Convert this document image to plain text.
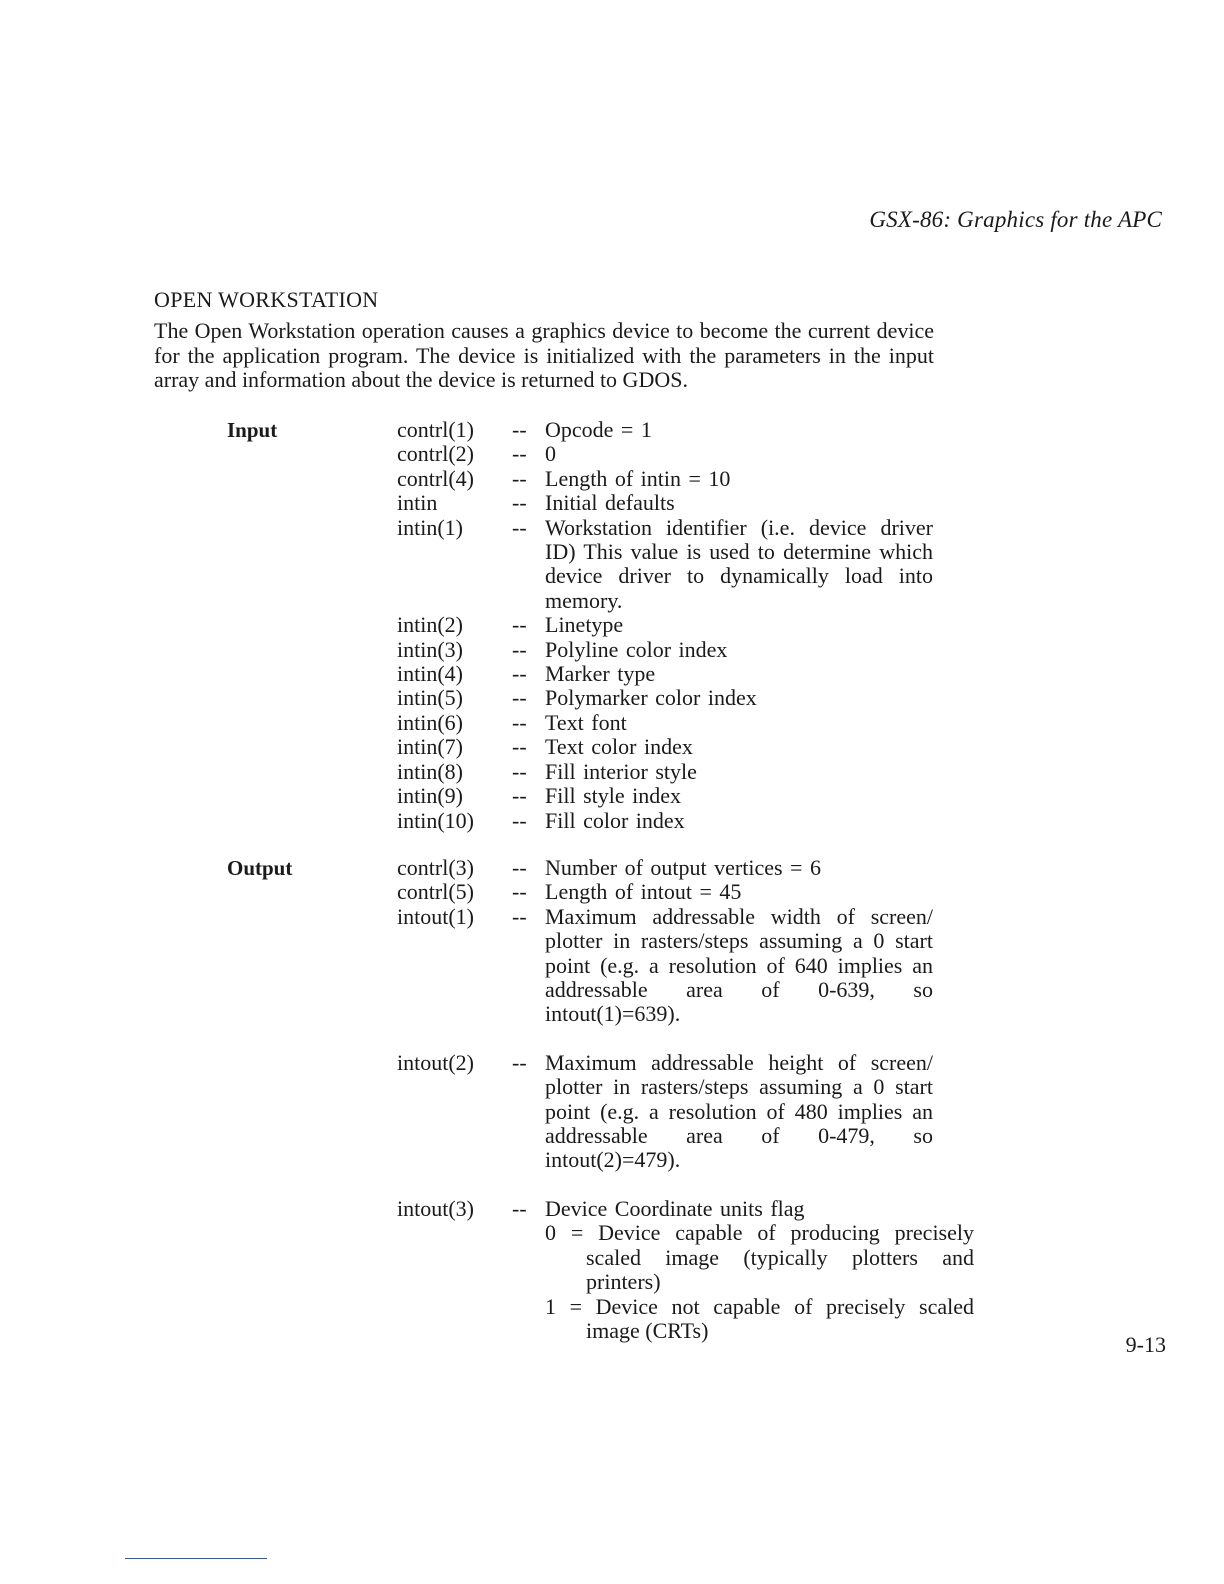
GSX-86: Graphics for the APC
OPEN WORKSTATION

The Open Workstation operation causes a graphics device to become the current device for the application program. The device is initialized with the parameters in the input array and information about the device is returned to GDOS.

Input	contrl(1) -- Opcode = 1
contrl(2) -- 0
contrl(4) -- Length of intin = 10
intin	-- Initial defaults
intin(1) -- Workstation identifier (i.e. device driver ID) This value is used to determine which device driver to dynamically load into memory.
intin(2) -- Linetype
intin(3) -- Polyline color index
intin(4) -- Marker type
intin(5) -- Polymarker color index
intin(6) -- Text font
intin(7) -- Text color index
intin(8) -- Fill interior style
intin(9) -- Fill style index
intin(10) -- Fill color index
Output	contrl(3) -- Number of output vertices = 6
contrl(5) -- Length of intout = 45
intout(1) -- Maximum addressable width of screen/ plotter in rasters/steps assuming a 0 start point (e.g. a resolution of 640 implies an addressable area of 0-639, so intout(1)=639).
intout(2) -- Maximum addressable height of screen/ plotter in rasters/steps assuming a 0 start point (e.g. a resolution of 480 implies an addressable area of 0-479, so intout(2)=479).
intout(3) -- Device Coordinate units flag
0 = Device capable of producing precisely scaled image (typically plotters and printers)
1 = Device not capable of precisely scaled image (CRTs)
9-13
